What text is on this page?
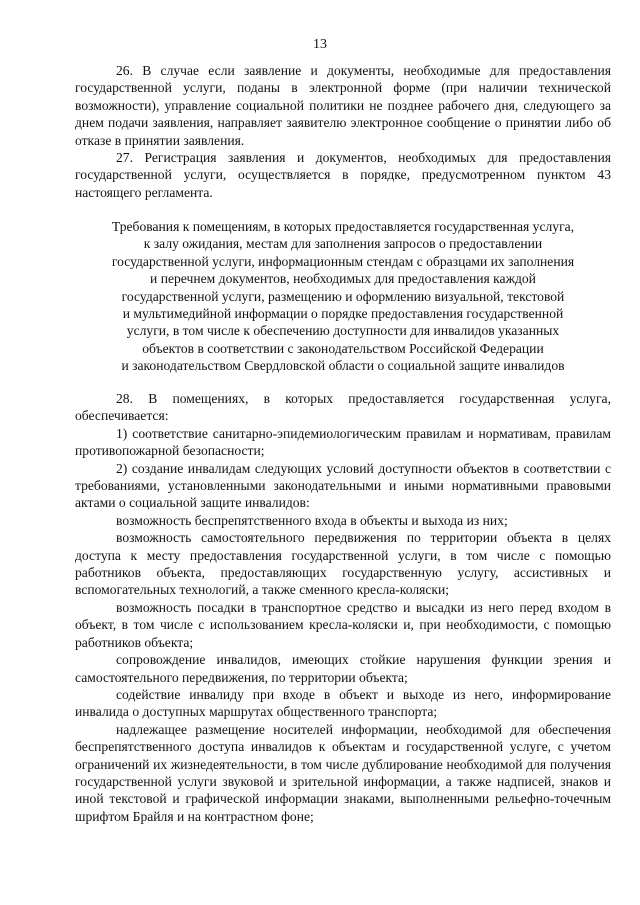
13

26. В случае если заявление и документы, необходимые для предоставления государственной услуги, поданы в электронной форме (при наличии технической возможности), управление социальной политики не позднее рабочего дня, следующего за днем подачи заявления, направляет заявителю электронное сообщение о принятии либо об отказе в принятии заявления.

27. Регистрация заявления и документов, необходимых для предоставления государственной услуги, осуществляется в порядке, предусмотренном пунктом 43 настоящего регламента.

Требования к помещениям, в которых предоставляется государственная услуга,
к залу ожидания, местам для заполнения запросов о предоставлении
государственной услуги, информационным стендам с образцами их заполнения
и перечнем документов, необходимых для предоставления каждой
государственной услуги, размещению и оформлению визуальной, текстовой
и мультимедийной информации о порядке предоставления государственной
услуги, в том числе к обеспечению доступности для инвалидов указанных
объектов в соответствии с законодательством Российской Федерации
и законодательством Свердловской области о социальной защите инвалидов

28. В помещениях, в которых предоставляется государственная услуга, обеспечивается:

1) соответствие санитарно-эпидемиологическим правилам и нормативам, правилам противопожарной безопасности;

2) создание инвалидам следующих условий доступности объектов в соответствии с требованиями, установленными законодательными и иными нормативными правовыми актами о социальной защите инвалидов:

возможность беспрепятственного входа в объекты и выхода из них;

возможность самостоятельного передвижения по территории объекта в целях доступа к месту предоставления государственной услуги, в том числе с помощью работников объекта, предоставляющих государственную услугу, ассистивных и вспомогательных технологий, а также сменного кресла-коляски;

возможность посадки в транспортное средство и высадки из него перед входом в объект, в том числе с использованием кресла-коляски и, при необходимости, с помощью работников объекта;

сопровождение инвалидов, имеющих стойкие нарушения функции зрения и самостоятельного передвижения, по территории объекта;

содействие инвалиду при входе в объект и выходе из него, информирование инвалида о доступных маршрутах общественного транспорта;

надлежащее размещение носителей информации, необходимой для обеспечения беспрепятственного доступа инвалидов к объектам и государственной услуге, с учетом ограничений их жизнедеятельности, в том числе дублирование необходимой для получения государственной услуги звуковой и зрительной информации, а также надписей, знаков и иной текстовой и графической информации знаками, выполненными рельефно-точечным шрифтом Брайля и на контрастном фоне;
